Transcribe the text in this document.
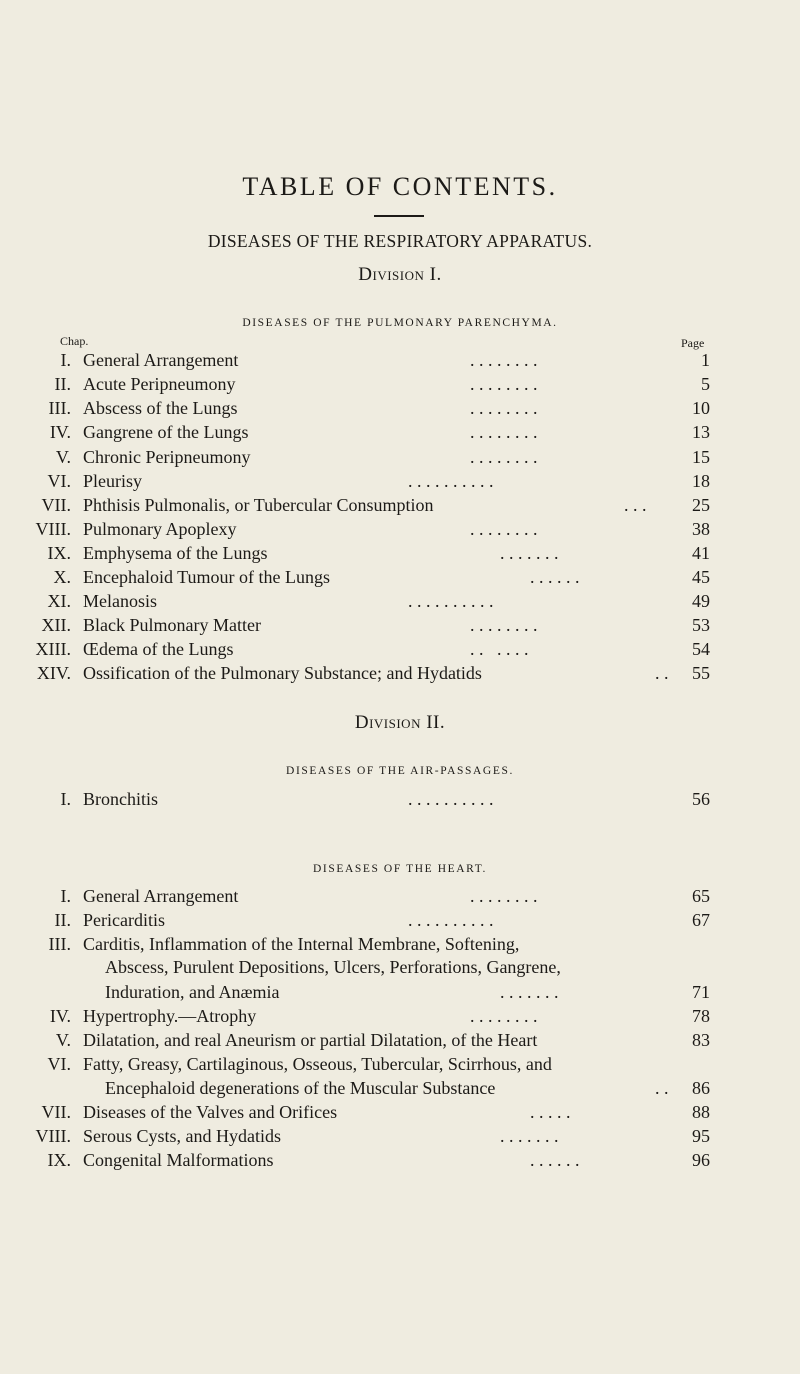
TABLE OF CONTENTS.
DISEASES OF THE RESPIRATORY APPARATUS.
Division I.
DISEASES OF THE PULMONARY PARENCHYMA.
Chap.	Page
I. General Arrangement	. . . . . . . .	1
II. Acute Peripneumony	. . . . . . . .	5
III. Abscess of the Lungs	. . . . . . . .	10
IV. Gangrene of the Lungs	. . . . . . . .	13
V. Chronic Peripneumony	. . . . . . . .	15
VI. Pleurisy	. . . . . . . . . .	18
VII. Phthisis Pulmonalis, or Tubercular Consumption	. . .	25
VIII. Pulmonary Apoplexy	. . . . . . . .	38
IX. Emphysema of the Lungs	. . . . . . .	41
X. Encephaloid Tumour of the Lungs	. . . . . .	45
XI. Melanosis	. . . . . . . . . .	49
XII. Black Pulmonary Matter	. . . . . . . .	53
XIII. Œdema of the Lungs	. .   . . . .	54
XIV. Ossification of the Pulmonary Substance; and Hydatids	. . 55
Division II.
DISEASES OF THE AIR-PASSAGES.
I. Bronchitis	. . . . . . . . . .	56
DISEASES OF THE HEART.
I. General Arrangement	. . . . . . . .	65
II. Pericarditis	. . . . . . . . . .	67
III. Carditis, Inflammation of the Internal Membrane, Softening,
Abscess, Purulent Depositions, Ulcers, Perforations, Gangrene,
Induration, and Anæmia	. . . . . . .	71
IV. Hypertrophy.—Atrophy	. . . . . . . .	78
V. Dilatation, and real Aneurism or partial Dilatation, of the Heart	83
VI. Fatty, Greasy, Cartilaginous, Osseous, Tubercular, Scirrhous, and
Encephaloid degenerations of the Muscular Substance	. . 86
VII. Diseases of the Valves and Orifices	. . . . .	88
VIII. Serous Cysts, and Hydatids	. . . . . . .	95
IX. Congenital Malformations	. . . . . .	96
